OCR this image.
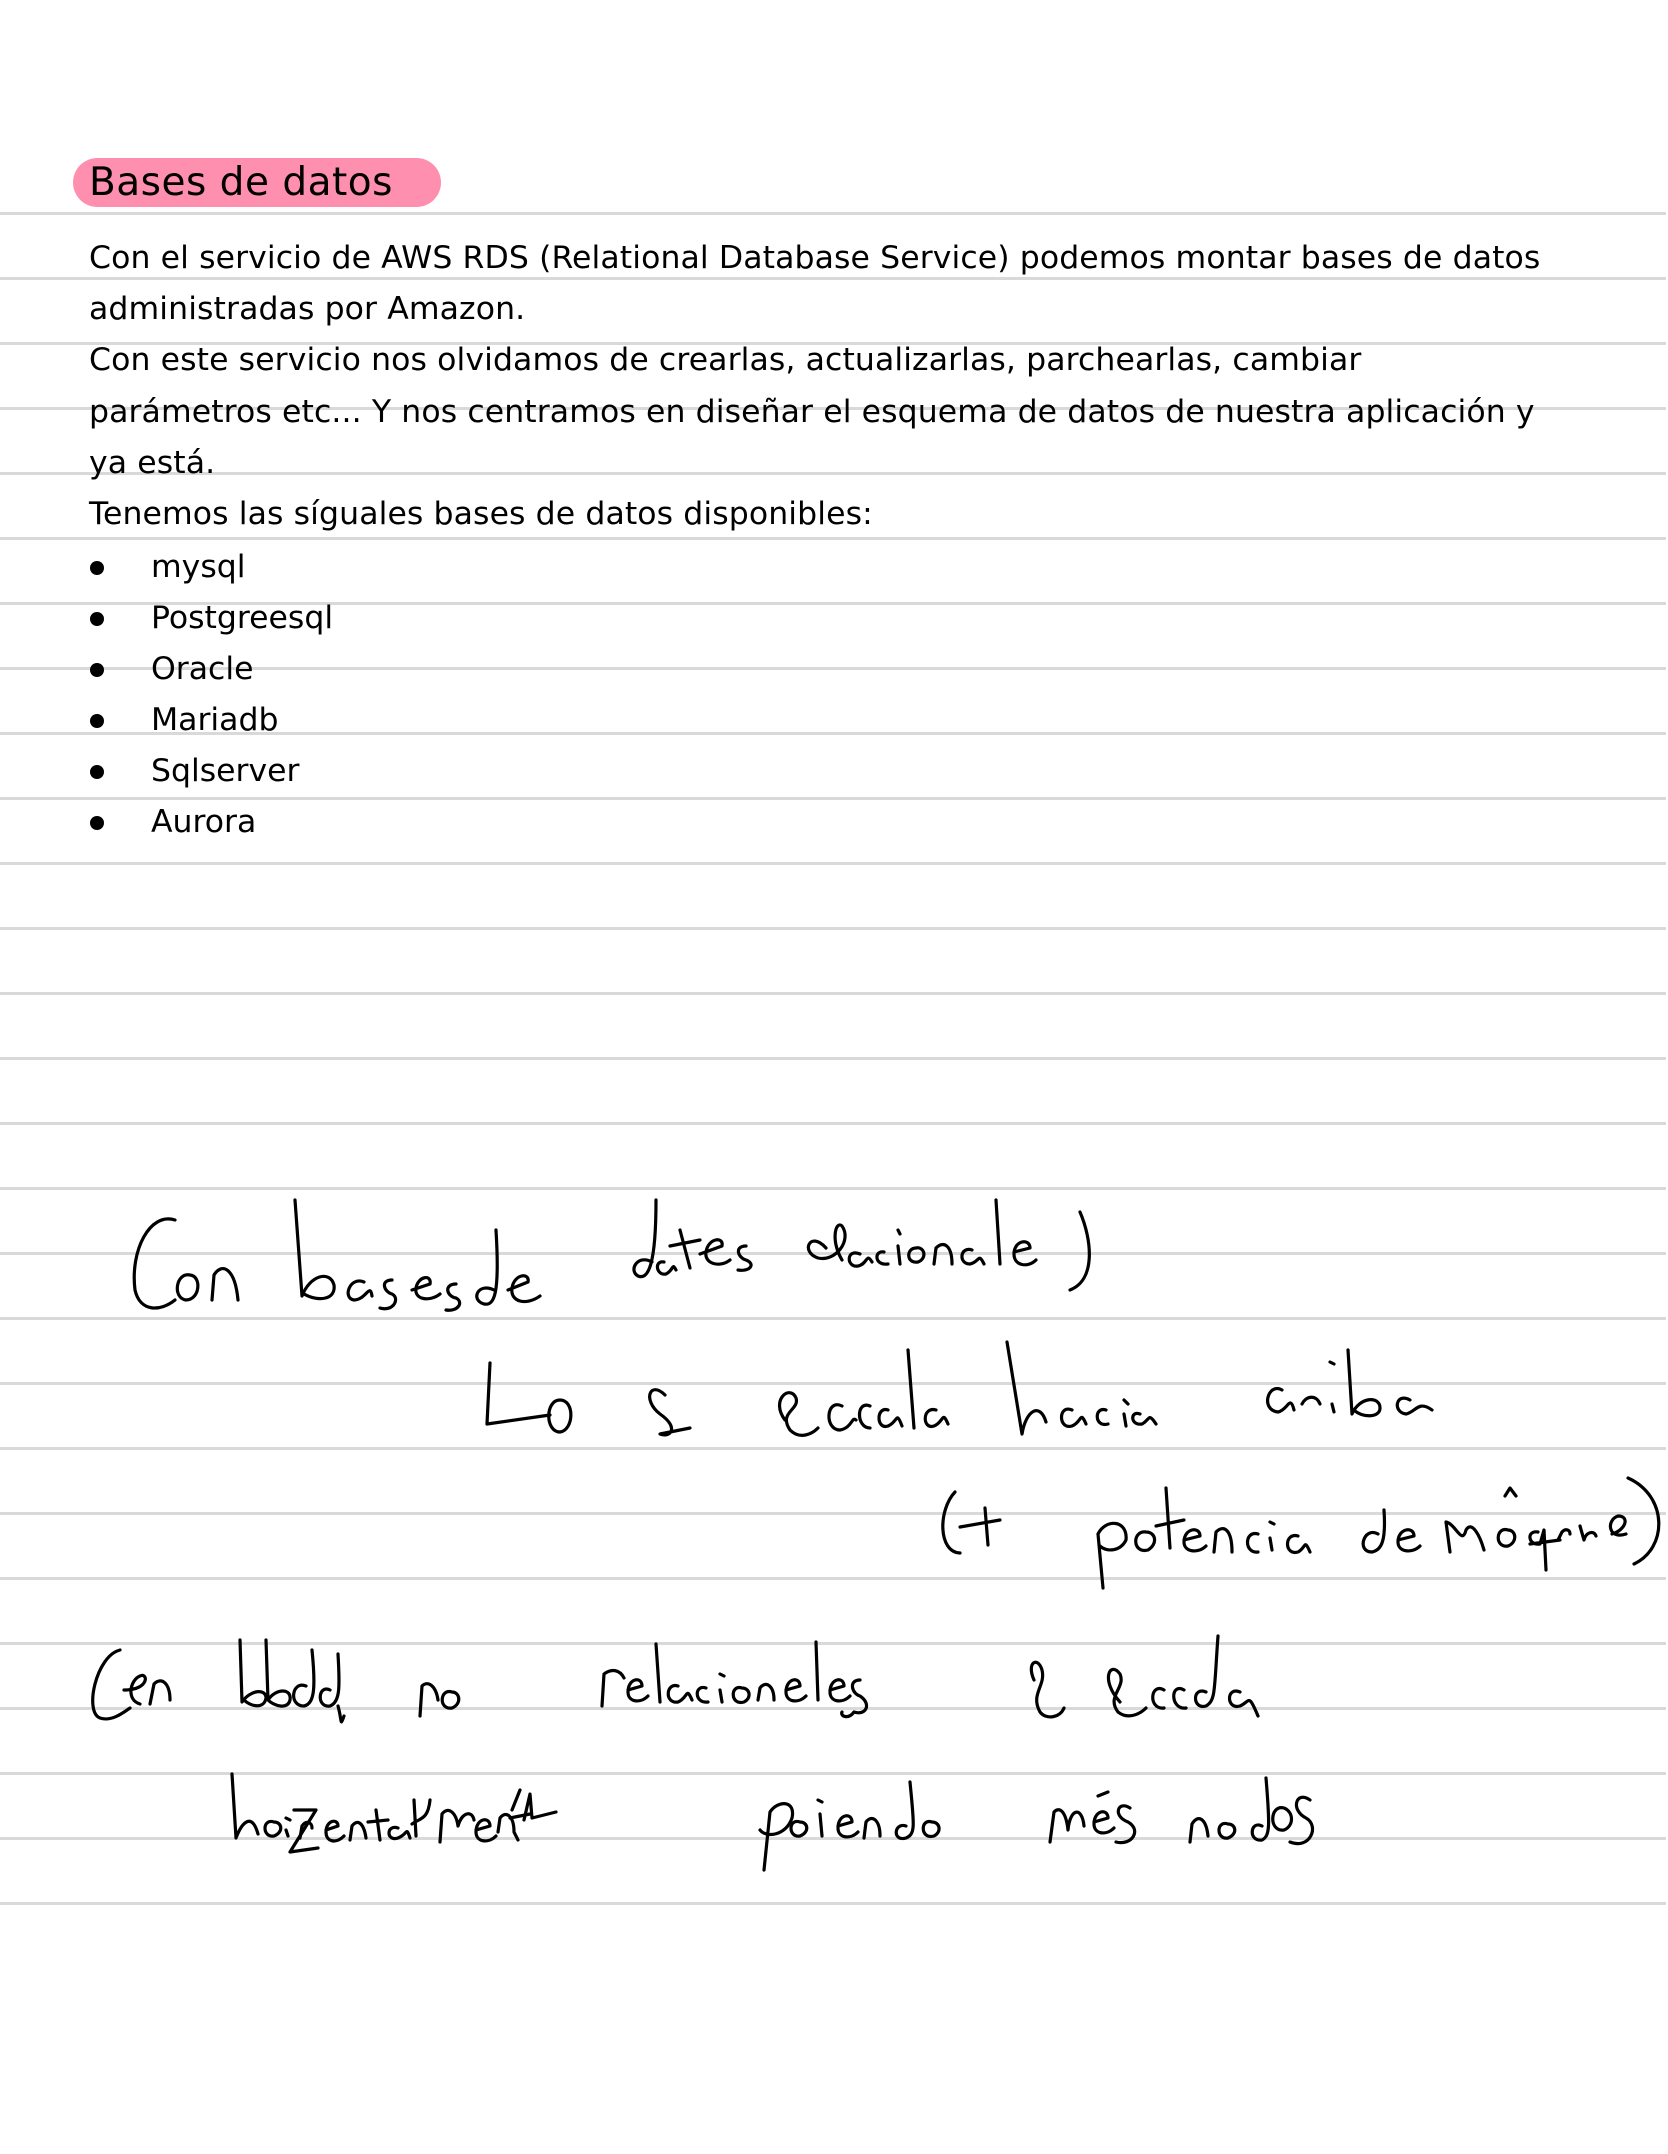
Bases de datos
Con el servicio de AWS RDS (Relational Database Service) podemos montar bases de datos
administradas por Amazon.
Con este servicio nos olvidamos de crearlas, actualizarlas, parchearlas, cambiar
parámetros etc... Y nos centramos en diseñar el esquema de datos de nuestra aplicación y
ya está.
Tenemos las síguales bases de datos disponibles:
mysql
Postgreesql
Oracle
Mariadb
Sqlserver
Aurora
